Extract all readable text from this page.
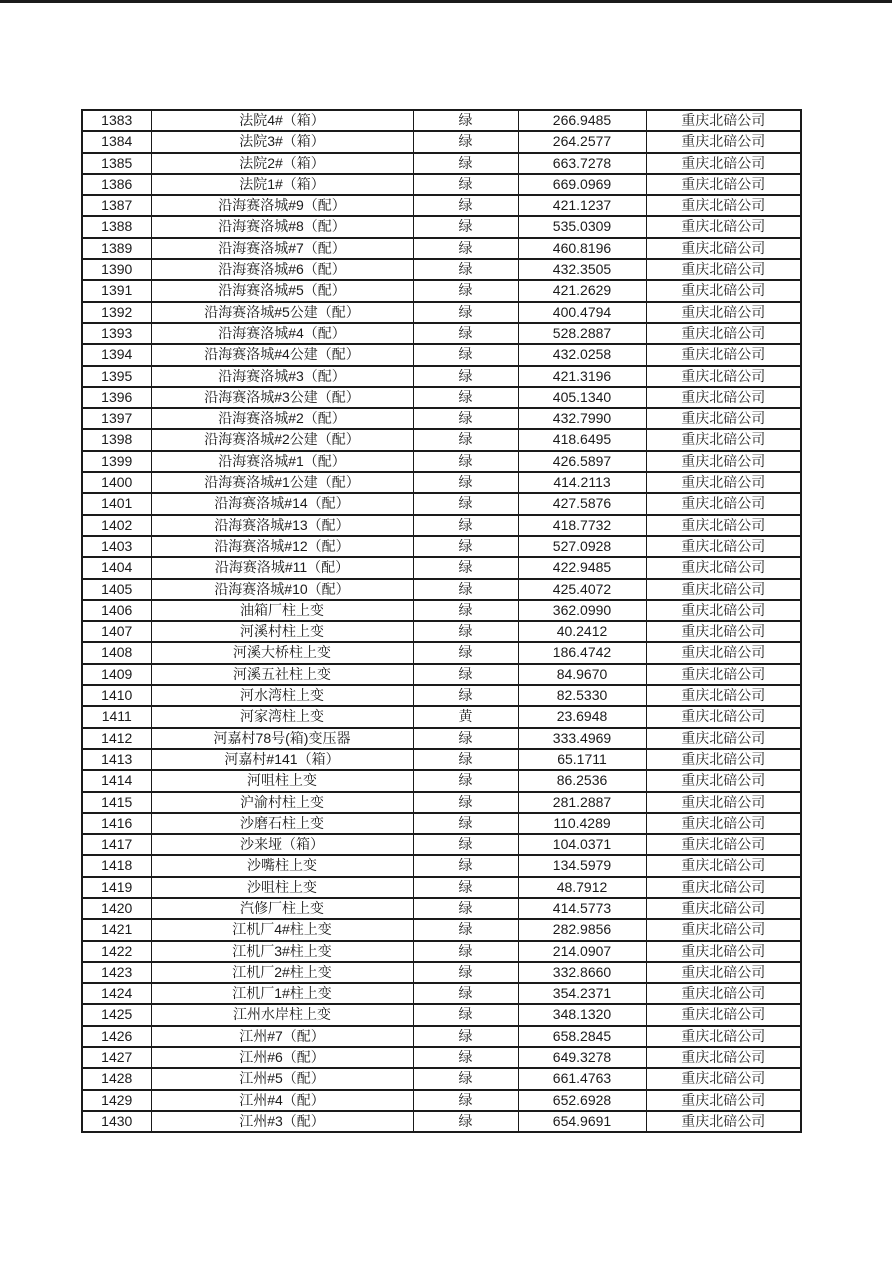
1383	法院4#（箱）	绿	266.9485	重庆北碚公司
1384	法院3#（箱）	绿	264.2577	重庆北碚公司
1385	法院2#（箱）	绿	663.7278	重庆北碚公司
1386	法院1#（箱）	绿	669.0969	重庆北碚公司
1387	沿海赛洛城#9（配）	绿	421.1237	重庆北碚公司
1388	沿海赛洛城#8（配）	绿	535.0309	重庆北碚公司
1389	沿海赛洛城#7（配）	绿	460.8196	重庆北碚公司
1390	沿海赛洛城#6（配）	绿	432.3505	重庆北碚公司
1391	沿海赛洛城#5（配）	绿	421.2629	重庆北碚公司
1392	沿海赛洛城#5公建（配）	绿	400.4794	重庆北碚公司
1393	沿海赛洛城#4（配）	绿	528.2887	重庆北碚公司
1394	沿海赛洛城#4公建（配）	绿	432.0258	重庆北碚公司
1395	沿海赛洛城#3（配）	绿	421.3196	重庆北碚公司
1396	沿海赛洛城#3公建（配）	绿	405.1340	重庆北碚公司
1397	沿海赛洛城#2（配）	绿	432.7990	重庆北碚公司
1398	沿海赛洛城#2公建（配）	绿	418.6495	重庆北碚公司
1399	沿海赛洛城#1（配）	绿	426.5897	重庆北碚公司
1400	沿海赛洛城#1公建（配）	绿	414.2113	重庆北碚公司
1401	沿海赛洛城#14（配）	绿	427.5876	重庆北碚公司
1402	沿海赛洛城#13（配）	绿	418.7732	重庆北碚公司
1403	沿海赛洛城#12（配）	绿	527.0928	重庆北碚公司
1404	沿海赛洛城#11（配）	绿	422.9485	重庆北碚公司
1405	沿海赛洛城#10（配）	绿	425.4072	重庆北碚公司
1406	油箱厂柱上变	绿	362.0990	重庆北碚公司
1407	河溪村柱上变	绿	40.2412	重庆北碚公司
1408	河溪大桥柱上变	绿	186.4742	重庆北碚公司
1409	河溪五社柱上变	绿	84.9670	重庆北碚公司
1410	河水湾柱上变	绿	82.5330	重庆北碚公司
1411	河家湾柱上变	黄	23.6948	重庆北碚公司
1412	河嘉村78号(箱)变压器	绿	333.4969	重庆北碚公司
1413	河嘉村#141（箱）	绿	65.1711	重庆北碚公司
1414	河咀柱上变	绿	86.2536	重庆北碚公司
1415	沪渝村柱上变	绿	281.2887	重庆北碚公司
1416	沙磨石柱上变	绿	110.4289	重庆北碚公司
1417	沙来垭（箱）	绿	104.0371	重庆北碚公司
1418	沙嘴柱上变	绿	134.5979	重庆北碚公司
1419	沙咀柱上变	绿	48.7912	重庆北碚公司
1420	汽修厂柱上变	绿	414.5773	重庆北碚公司
1421	江机厂4#柱上变	绿	282.9856	重庆北碚公司
1422	江机厂3#柱上变	绿	214.0907	重庆北碚公司
1423	江机厂2#柱上变	绿	332.8660	重庆北碚公司
1424	江机厂1#柱上变	绿	354.2371	重庆北碚公司
1425	江州水岸柱上变	绿	348.1320	重庆北碚公司
1426	江州#7（配）	绿	658.2845	重庆北碚公司
1427	江州#6（配）	绿	649.3278	重庆北碚公司
1428	江州#5（配）	绿	661.4763	重庆北碚公司
1429	江州#4（配）	绿	652.6928	重庆北碚公司
1430	江州#3（配）	绿	654.9691	重庆北碚公司
